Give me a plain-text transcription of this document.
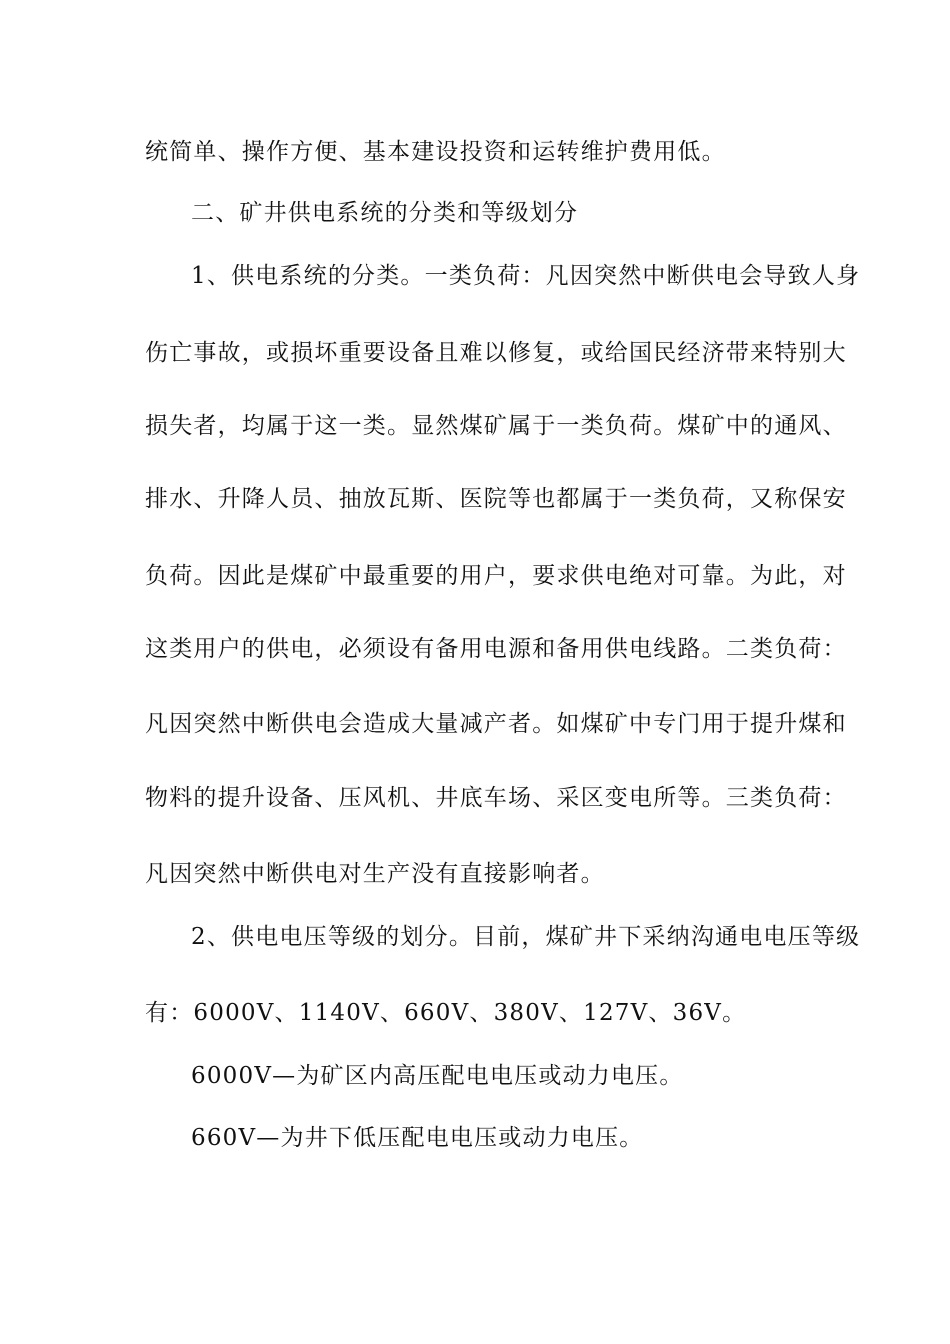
统简单、操作方便、基本建设投资和运转维护费用低。
二、矿井供电系统的分类和等级划分
1、供电系统的分类。一类负荷：凡因突然中断供电会导致人身
伤亡事故，或损坏重要设备且难以修复，或给国民经济带来特别大
损失者，均属于这一类。显然煤矿属于一类负荷。煤矿中的通风、
排水、升降人员、抽放瓦斯、医院等也都属于一类负荷，又称保安
负荷。因此是煤矿中最重要的用户，要求供电绝对可靠。为此，对
这类用户的供电，必须设有备用电源和备用供电线路。二类负荷：
凡因突然中断供电会造成大量减产者。如煤矿中专门用于提升煤和
物料的提升设备、压风机、井底车场、采区变电所等。三类负荷：
凡因突然中断供电对生产没有直接影响者。
2、供电电压等级的划分。目前，煤矿井下采纳沟通电电压等级
有：6000V、1140V、660V、380V、127V、36V。
6000V—为矿区内高压配电电压或动力电压。
660V—为井下低压配电电压或动力电压。
